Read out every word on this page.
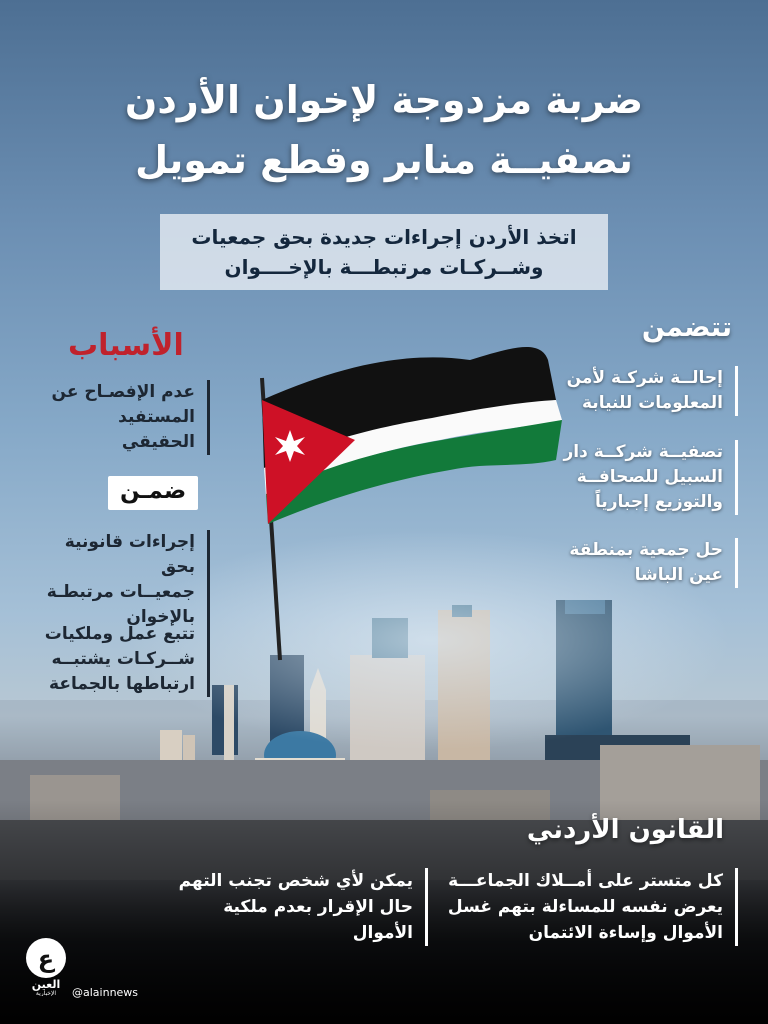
ضربة مزدوجة لإخوان الأردن
تصفيــة منابر وقطع تمويل
اتخذ الأردن إجراءات جديدة بحق جمعيات
وشــركـات مرتبطـــة بالإخــــوان
الأسباب
عدم الإفصـاح عن
المستفيد الحقيقي
ضمـن
إجراءات قانونية بحق
جمعيــات مرتبطـة
بالإخوان
تتبع عمل وملكيات
شــركـات يشتبــه
ارتباطها بالجماعة
تتضمن
إحالــة شركـة لأمن
المعلومات للنيابة
تصفيــة شركــة دار
السبيل للصحافــة
والتوزيع إجبارياً
حل جمعية بمنطقة
عين الباشا
القانون الأردني
كل متستر على أمــلاك الجماعـــة
يعرض نفسه للمساءلة بتهم غسل
الأموال وإساءة الائتمان
يمكن لأي شخص تجنب التهم
حال الإقرار بعدم ملكية الأموال
ع
العين
الإخبارية @alainnews
